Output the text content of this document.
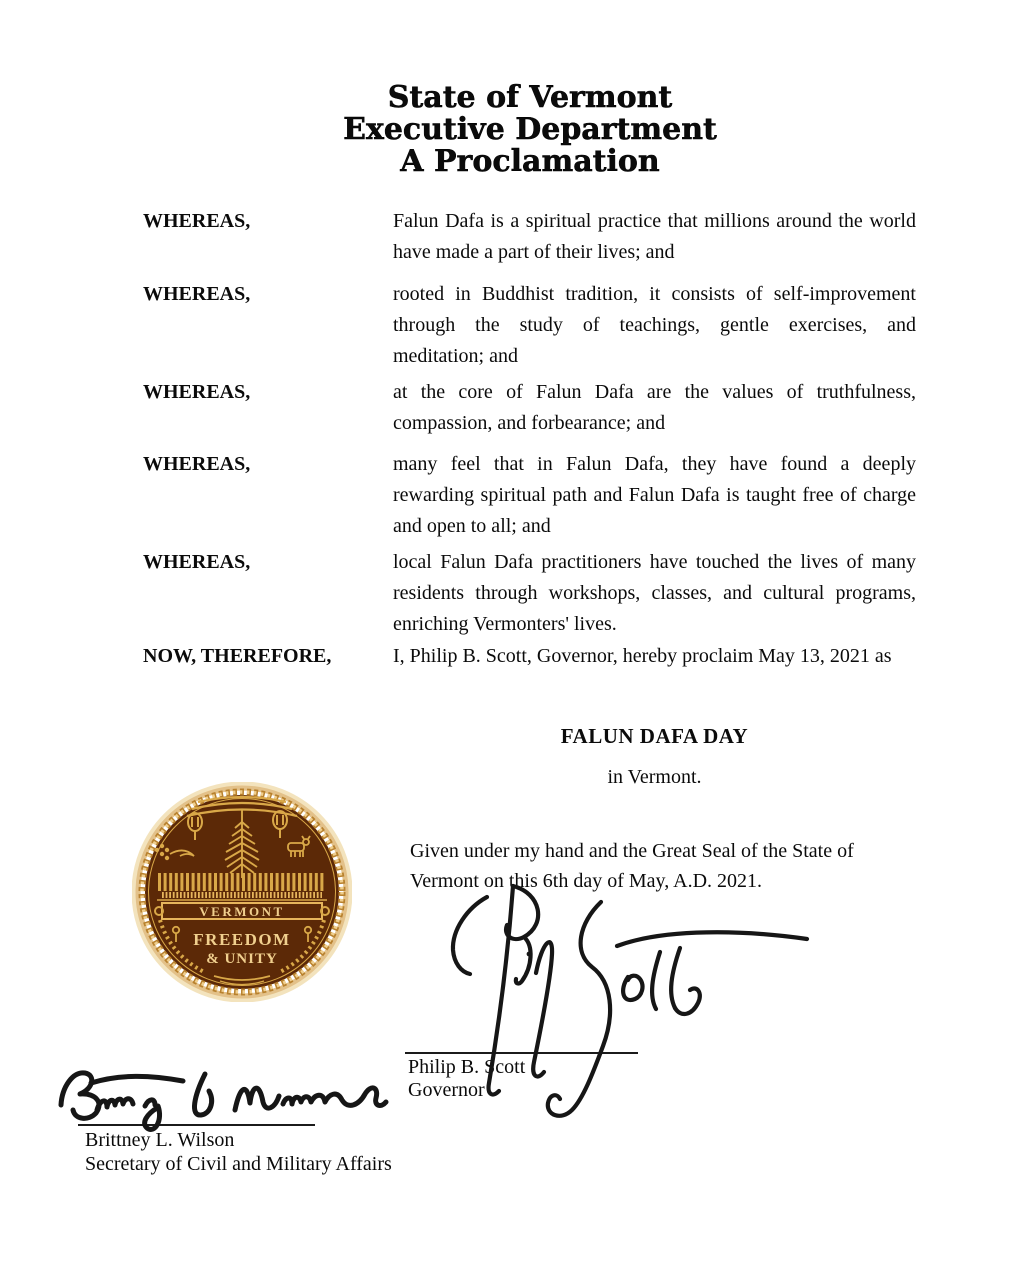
State of Vermont
Executive Department
A Proclamation
WHEREAS,	Falun Dafa is a spiritual practice that millions around the world
have made a part of their lives; and
WHEREAS,	rooted in Buddhist tradition, it consists of self-improvement
through the study of teachings, gentle exercises, and
meditation; and
WHEREAS,	at the core of Falun Dafa are the values of truthfulness,
compassion, and forbearance; and
WHEREAS,	many feel that in Falun Dafa, they have found a deeply
rewarding spiritual path and Falun Dafa is taught free of charge
and open to all; and
WHEREAS,	local Falun Dafa practitioners have touched the lives of many
residents through workshops, classes, and cultural programs,
enriching Vermonters' lives.
NOW, THEREFORE,	I, Philip B. Scott, Governor, hereby proclaim May 13, 2021 as
FALUN DAFA DAY
in Vermont.
VERMONT
FREEDOM
& UNITY
Given under my hand and the Great Seal of the State of
Vermont on this 6th day of May, A.D. 2021.
Philip B. Scott
Governor
Brittney L. Wilson
Secretary of Civil and Military Affairs
